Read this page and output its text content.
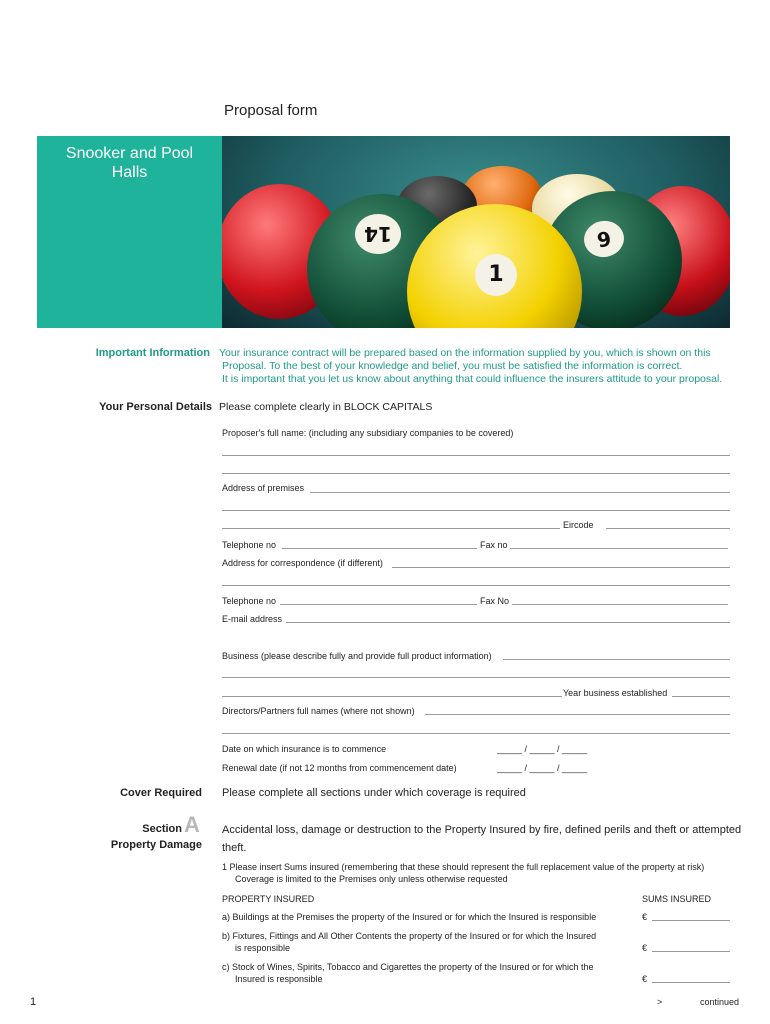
Proposal form
14	6
1
Snooker and Pool
Halls
Important Information Your insurance contract will be prepared based on the information supplied by you, which is shown on this
Proposal. To the best of your knowledge and belief, you must be satisfied the information is correct.
It is important that you let us know about anything that could influence the insurers attitude to your proposal.
Your Personal Details Please complete clearly in BLOCK CAPITALS
Proposer's full name: (including any subsidiary companies to be covered)
Address of premises
Eircode
Telephone no	Fax no
Address for correspondence (if different)
Telephone no	Fax No
E-mail address
Business (please describe fully and provide full product information)
Year business established
Directors/Partners full names (where not shown)
Date on which insurance is to commence	_____ / _____ / _____
Renewal date (if not 12 months from commencement date)	_____ / _____ / _____
Cover Required Please complete all sections under which coverage is required
Section A
Property Damage
Accidental loss, damage or destruction to the Property Insured by fire, defined perils and theft or attempted
theft.
1 Please insert Sums insured (remembering that these should represent the full replacement value of the property at risk)
Coverage is limited to the Premises only unless otherwise requested
PROPERTY INSURED	SUMS INSURED
a) Buildings at the Premises the property of the Insured or for which the Insured is responsible	€
b) Fixtures, Fittings and All Other Contents the property of the Insured or for which the Insured
is responsible	€
c) Stock of Wines, Spirits, Tobacco and Cigarettes the property of the Insured or for which the
Insured is responsible	€
1	>	continued
